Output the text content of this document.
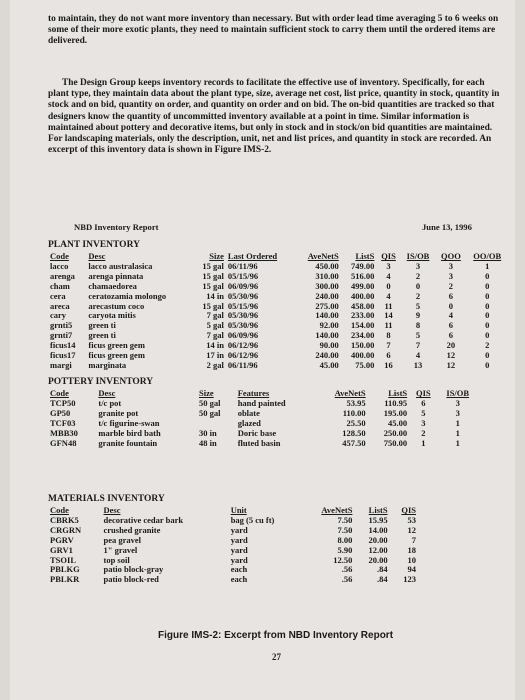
to maintain, they do not want more inventory than necessary. But with order lead time averaging 5 to 6 weeks on some of their more exotic plants, they need to maintain sufficient stock to carry them until the ordered items are delivered.
The Design Group keeps inventory records to facilitate the effective use of inventory. Specifically, for each plant type, they maintain data about the plant type, size, average net cost, list price, quantity in stock, quantity in stock and on bid, quantity on order, and quantity on order and on bid. The on-bid quantities are tracked so that designers know the quantity of uncommitted inventory available at a point in time. Similar information is maintained about pottery and decorative items, but only in stock and in stock/on bid quantities are maintained. For landscaping materials, only the description, unit, net and list prices, and quantity in stock are recorded. An excerpt of this inventory data is shown in Figure IMS-2.
NBD Inventory Report	June 13, 1996
PLANT INVENTORY
Code	Desc	Size	Last Ordered	AveNetS	ListS	QIS	IS/OB	QOO	OO/OB
lacco	lacco australasica	15 gal	06/11/96	450.00	749.00	3	3	3	1
arenga	arenga pinnata	15 gal	05/15/96	310.00	516.00	4	2	3	0
cham	chamaedorea	15 gal	06/09/96	300.00	499.00	0	0	2	0
cera	ceratozamia molongo	14 in	05/30/96	240.00	400.00	4	2	6	0
areca	arecastum coco	15 gal	05/15/96	275.00	458.00	11	5	0	0
cary	caryota mitis	7 gal	05/30/96	140.00	233.00	14	9	4	0
grnti5	green ti	5 gal	05/30/96	92.00	154.00	11	8	6	0
grnti7	green ti	7 gal	06/09/96	140.00	234.00	8	5	6	0
ficus14	ficus green gem	14 in	06/12/96	90.00	150.00	7	7	20	2
ficus17	ficus green gem	17 in	06/12/96	240.00	400.00	6	4	12	0
margi	marginata	2 gal	06/11/96	45.00	75.00	16	13	12	0
POTTERY INVENTORY
Code	Desc	Size	Features	AveNetS	ListS	QIS	IS/OB
TCP50	t/c pot	50 gal	hand painted	53.95	110.95	6	3
GP50	granite pot	50 gal	oblate	110.00	195.00	5	3
TCF03	t/c figurine-swan		glazed	25.50	45.00	3	1
MBB30	marble bird bath	30 in	Doric base	128.50	250.00	2	1
GFN48	granite fountain	48 in	fluted basin	457.50	750.00	1	1
MATERIALS INVENTORY
Code	Desc	Unit	AveNetS	ListS	QIS
CBRK5	decorative cedar bark	bag (5 cu ft)	7.50	15.95	53
CRGRN	crushed granite	yard	7.50	14.00	12
PGRV	pea gravel	yard	8.00	20.00	7
GRV1	1" gravel	yard	5.90	12.00	18
TSOIL	top soil	yard	12.50	20.00	10
PBLKG	patio block-gray	each	.56	.84	94
PBLKR	patio block-red	each	.56	.84	123
Figure IMS-2: Excerpt from NBD Inventory Report
27
